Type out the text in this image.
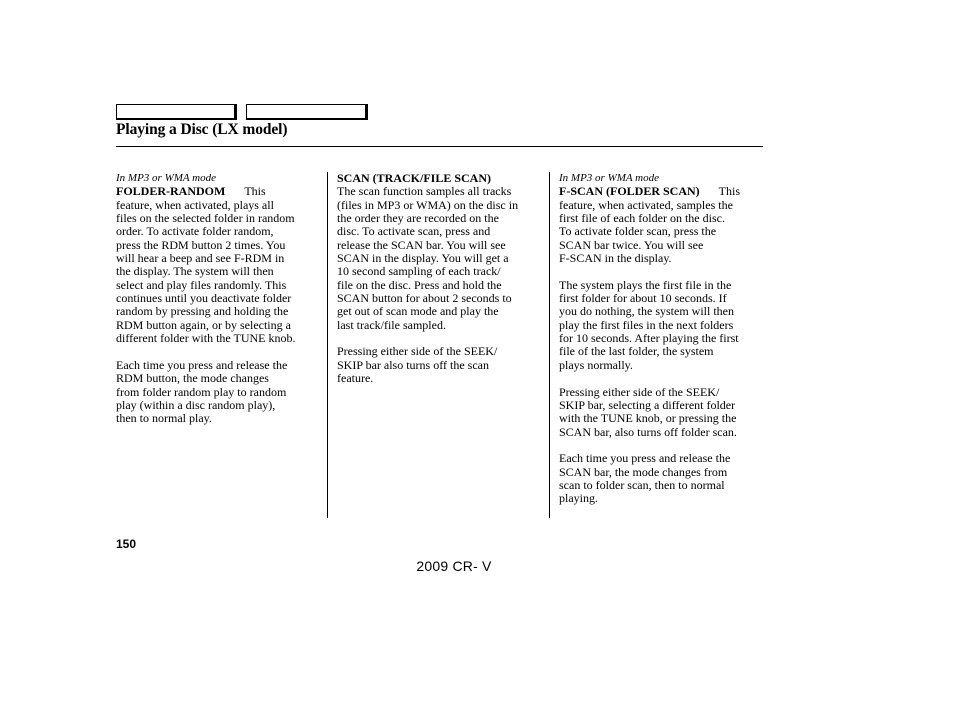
Playing a Disc (LX model)
In MP3 or WMA mode
FOLDER-RANDOM This
feature, when activated, plays all
files on the selected folder in random
order. To activate folder random,
press the RDM button 2 times. You
will hear a beep and see F-RDM in
the display. The system will then
select and play files randomly. This
continues until you deactivate folder
random by pressing and holding the
RDM button again, or by selecting a
different folder with the TUNE knob.
Each time you press and release the
RDM button, the mode changes
from folder random play to random
play (within a disc random play),
then to normal play.
SCAN (TRACK/FILE SCAN)
The scan function samples all tracks
(files in MP3 or WMA) on the disc in
the order they are recorded on the
disc. To activate scan, press and
release the SCAN bar. You will see
SCAN in the display. You will get a
10 second sampling of each track/
file on the disc. Press and hold the
SCAN button for about 2 seconds to
get out of scan mode and play the
last track/file sampled.
Pressing either side of the SEEK/
SKIP bar also turns off the scan
feature.
In MP3 or WMA mode
F-SCAN (FOLDER SCAN) This
feature, when activated, samples the
first file of each folder on the disc.
To activate folder scan, press the
SCAN bar twice. You will see
F-SCAN in the display.
The system plays the first file in the
first folder for about 10 seconds. If
you do nothing, the system will then
play the first files in the next folders
for 10 seconds. After playing the first
file of the last folder, the system
plays normally.
Pressing either side of the SEEK/
SKIP bar, selecting a different folder
with the TUNE knob, or pressing the
SCAN bar, also turns off folder scan.
Each time you press and release the
SCAN bar, the mode changes from
scan to folder scan, then to normal
playing.
150
2009 CR- V
